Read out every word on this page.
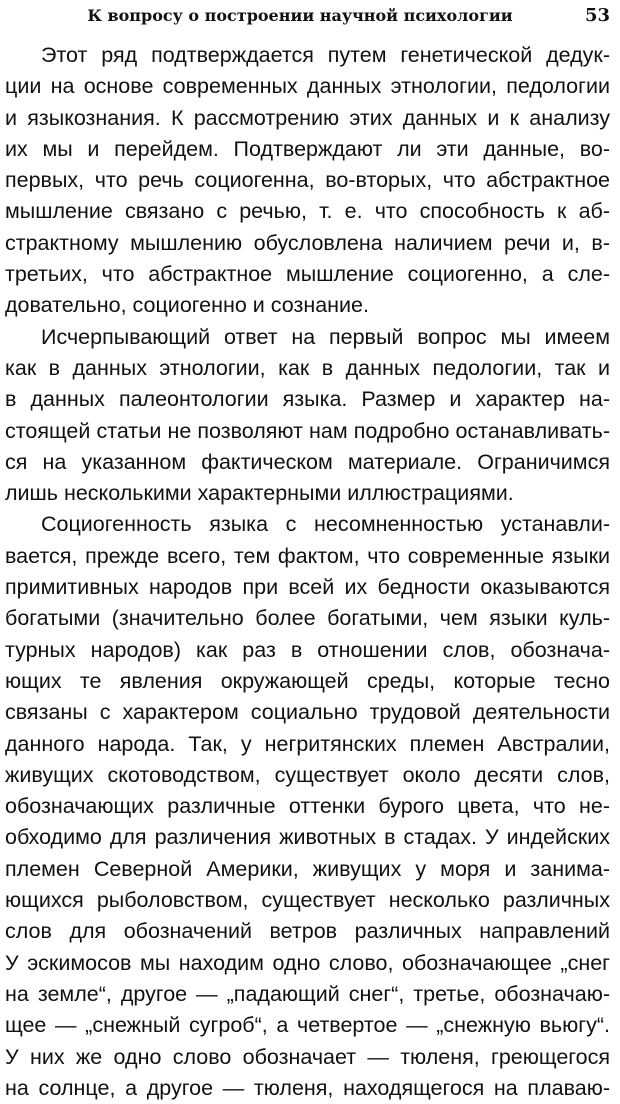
К вопросу о построении научной психологии	53
Этот ряд подтверждается путем генетической дедук-
ции на основе современных данных этнологии, педологии
и языкознания. К рассмотрению этих данных и к анализу
их мы и перейдем. Подтверждают ли эти данные, во-
первых, что речь социогенна, во-вторых, что абстрактное
мышление связано с речью, т. е. что способность к аб-
страктному мышлению обусловлена наличием речи и, в-
третьих, что абстрактное мышление социогенно, а сле-
довательно, социогенно и сознание.
Исчерпывающий ответ на первый вопрос мы имеем
как в данных этнологии, как в данных педологии, так и
в данных палеонтологии языка. Размер и характер на-
стоящей статьи не позволяют нам подробно останавливать-
ся на указанном фактическом материале. Ограничимся
лишь несколькими характерными иллюстрациями.
Социогенность языка с несомненностью устанавли-
вается, прежде всего, тем фактом, что современные языки
примитивных народов при всей их бедности оказываются
богатыми (значительно более богатыми, чем языки куль-
турных народов) как раз в отношении слов, обознача-
ющих те явления окружающей среды, которые тесно
связаны с характером социально трудовой деятельности
данного народа. Так, у негритянских племен Австралии,
живущих скотоводством, существует около десяти слов,
обозначающих различные оттенки бурого цвета, что не-
обходимо для различения животных в стадах. У индейских
племен Северной Америки, живущих у моря и занима-
ющихся рыболовством, существует несколько различных
слов для обозначений ветров различных направлений
У эскимосов мы находим одно слово, обозначающее „снег
на земле“, другое — „падающий снег“, третье, обозначаю-
щее — „снежный сугроб“, а четвертое — „снежную вьюгу“.
У них же одно слово обозначает — тюленя, греющегося
на солнце, а другое — тюленя, находящегося на плаваю-
